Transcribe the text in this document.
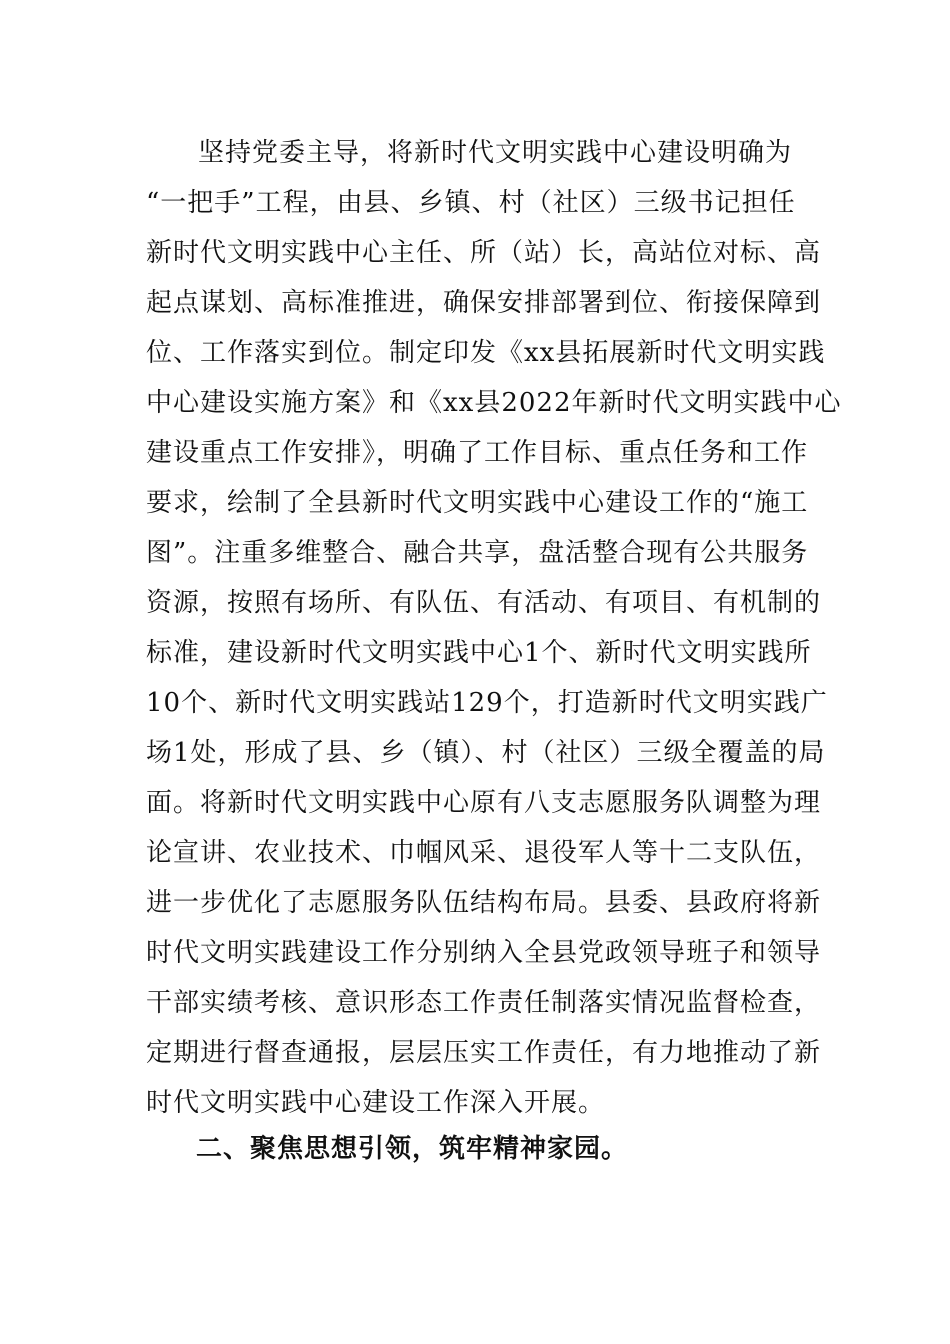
坚持党委主导，将新时代文明实践中心建设明确为
“一把手”工程，由县、乡镇、村（社区）三级书记担任
新时代文明实践中心主任、所（站）长，高站位对标、高
起点谋划、高标准推进，确保安排部署到位、衔接保障到
位、工作落实到位。制定印发《xx县拓展新时代文明实践
中心建设实施方案》和《xx县2022年新时代文明实践中心
建设重点工作安排》，明确了工作目标、重点任务和工作
要求，绘制了全县新时代文明实践中心建设工作的“施工
图”。注重多维整合、融合共享，盘活整合现有公共服务
资源，按照有场所、有队伍、有活动、有项目、有机制的
标准，建设新时代文明实践中心1个、新时代文明实践所
10个、新时代文明实践站129个，打造新时代文明实践广
场1处，形成了县、乡（镇）、村（社区）三级全覆盖的局
面。将新时代文明实践中心原有八支志愿服务队调整为理
论宣讲、农业技术、巾帼风采、退役军人等十二支队伍，
进一步优化了志愿服务队伍结构布局。县委、县政府将新
时代文明实践建设工作分别纳入全县党政领导班子和领导
干部实绩考核、意识形态工作责任制落实情况监督检查，
定期进行督查通报，层层压实工作责任，有力地推动了新
时代文明实践中心建设工作深入开展。
二、聚焦思想引领，筑牢精神家园。
